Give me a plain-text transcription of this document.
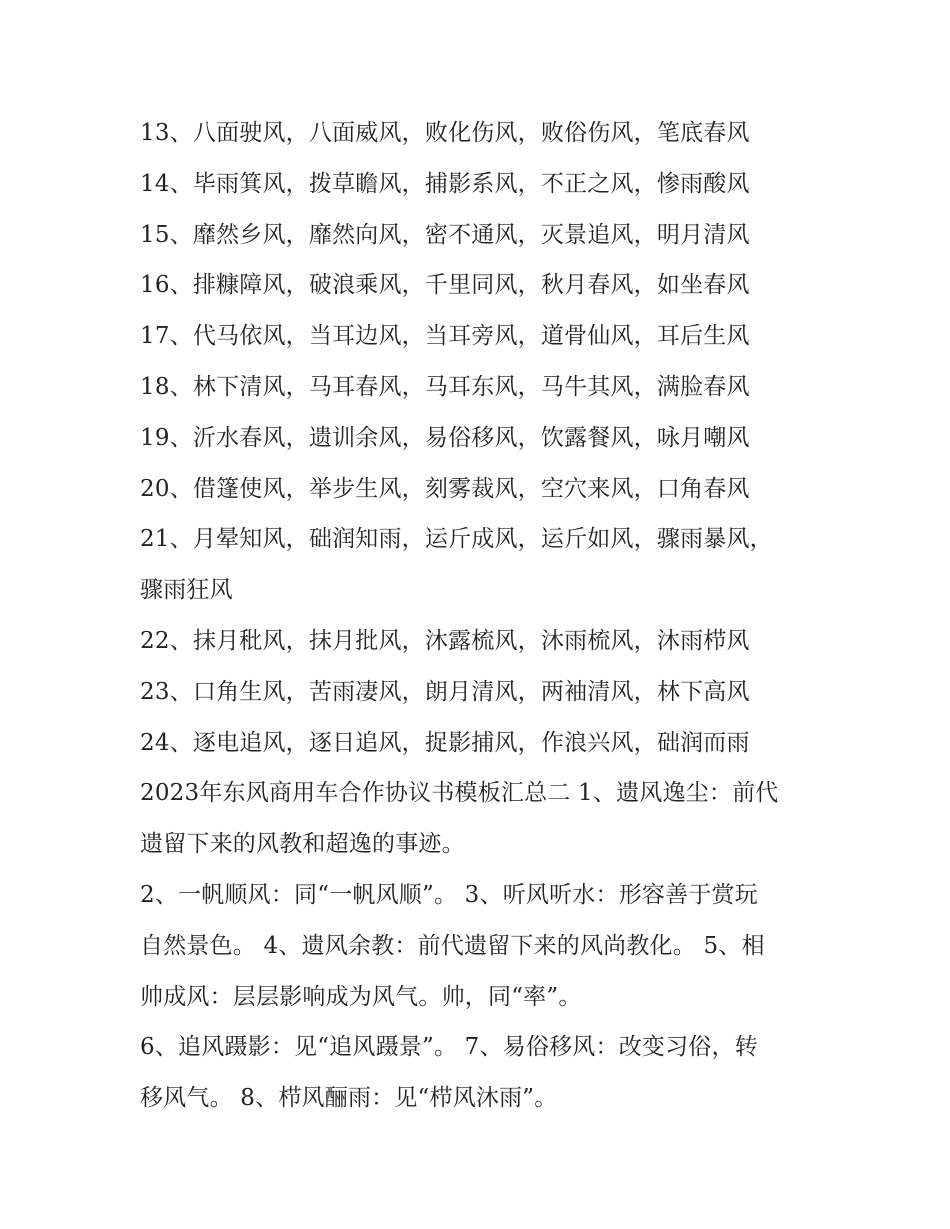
13、八面驶风，八面威风，败化伤风，败俗伤风，笔底春风
14、毕雨箕风，拨草瞻风，捕影系风，不正之风，惨雨酸风
15、靡然乡风，靡然向风，密不通风，灭景追风，明月清风
16、排糠障风，破浪乘风，千里同风，秋月春风，如坐春风
17、代马依风，当耳边风，当耳旁风，道骨仙风，耳后生风
18、林下清风，马耳春风，马耳东风，马牛其风，满脸春风
19、沂水春风，遗训余风，易俗移风，饮露餐风，咏月嘲风
20、借篷使风，举步生风，刻雾裁风，空穴来风，口角春风
21、月晕知风，础润知雨，运斤成风，运斤如风，骤雨暴风，
骤雨狂风
22、抹月秕风，抹月批风，沐露梳风，沐雨梳风，沐雨栉风
23、口角生风，苦雨凄风，朗月清风，两袖清风，林下高风
24、逐电追风，逐日追风，捉影捕风，作浪兴风，础润而雨
2023年东风商用车合作协议书模板汇总二 1、遗风逸尘：前代
遗留下来的风教和超逸的事迹。
2、一帆顺风：同“一帆风顺”。 3、听风听水：形容善于赏玩
自然景色。 4、遗风余教：前代遗留下来的风尚教化。 5、相
帅成风：层层影响成为风气。帅，同“率”。
6、追风蹑影：见“追风蹑景”。 7、易俗移风：改变习俗，转
移风气。 8、栉风酾雨：见“栉风沐雨”。
